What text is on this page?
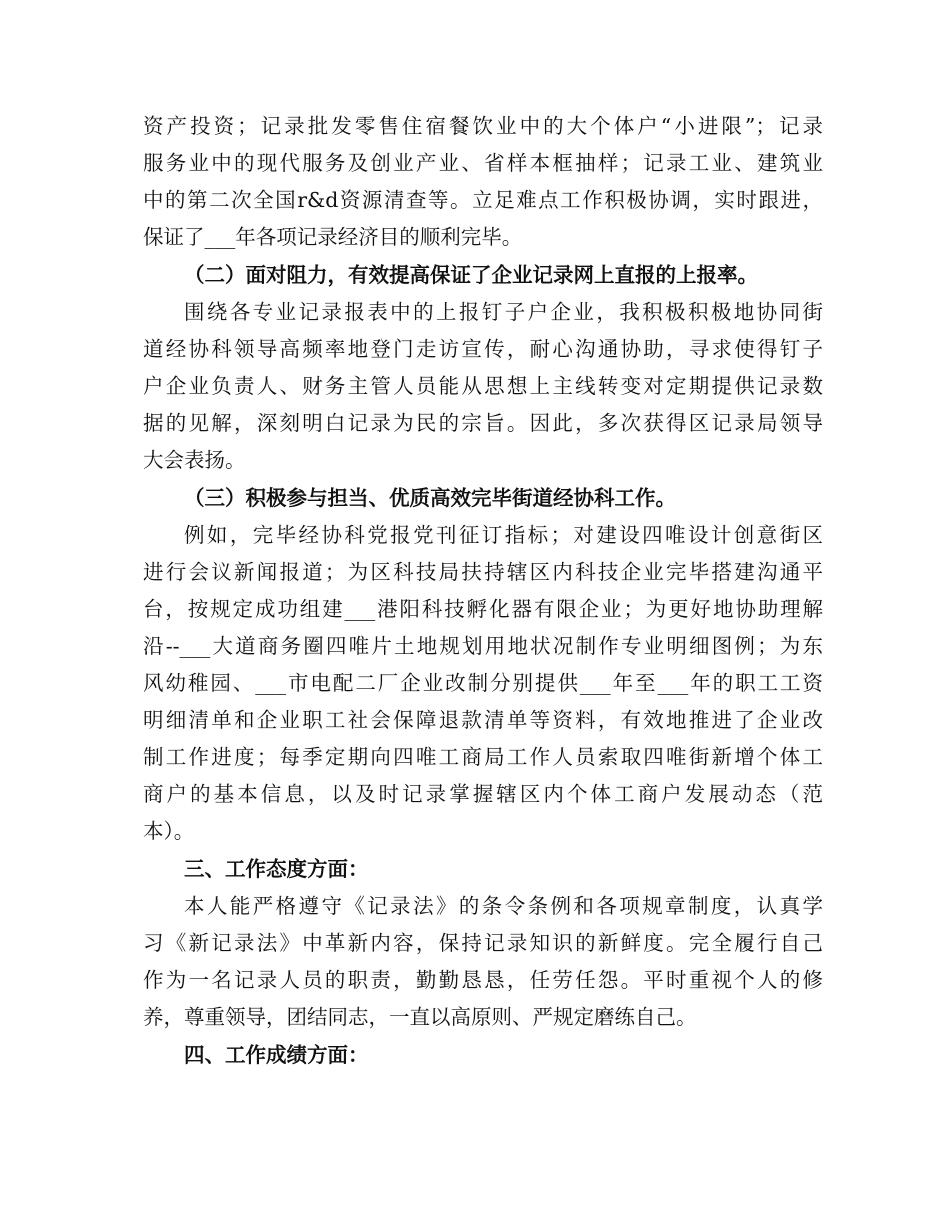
资产投资；记录批发零售住宿餐饮业中的大个体户“小进限”；记录
服务业中的现代服务及创业产业、省样本框抽样；记录工业、建筑业
中的第二次全国r&d资源清查等。立足难点工作积极协调，实时跟进，
保证了___年各项记录经济目的顺利完毕。
（二）面对阻力，有效提高保证了企业记录网上直报的上报率。
围绕各专业记录报表中的上报钉子户企业，我积极积极地协同街
道经协科领导高频率地登门走访宣传，耐心沟通协助，寻求使得钉子
户企业负责人、财务主管人员能从思想上主线转变对定期提供记录数
据的见解，深刻明白记录为民的宗旨。因此，多次获得区记录局领导
大会表扬。
（三）积极参与担当、优质高效完毕街道经协科工作。
例如，完毕经协科党报党刊征订指标；对建设四唯设计创意街区
进行会议新闻报道；为区科技局扶持辖区内科技企业完毕搭建沟通平
台，按规定成功组建___港阳科技孵化器有限企业；为更好地协助理解
沿--___大道商务圈四唯片土地规划用地状况制作专业明细图例；为东
风幼稚园、___市电配二厂企业改制分别提供___年至___年的职工工资
明细清单和企业职工社会保障退款清单等资料，有效地推进了企业改
制工作进度；每季定期向四唯工商局工作人员索取四唯街新增个体工
商户的基本信息，以及时记录掌握辖区内个体工商户发展动态（范
本）。
三、工作态度方面：
本人能严格遵守《记录法》的条令条例和各项规章制度，认真学
习《新记录法》中革新内容，保持记录知识的新鲜度。完全履行自己
作为一名记录人员的职责，勤勤恳恳，任劳任怨。平时重视个人的修
养，尊重领导，团结同志，一直以高原则、严规定磨练自己。
四、工作成绩方面：
